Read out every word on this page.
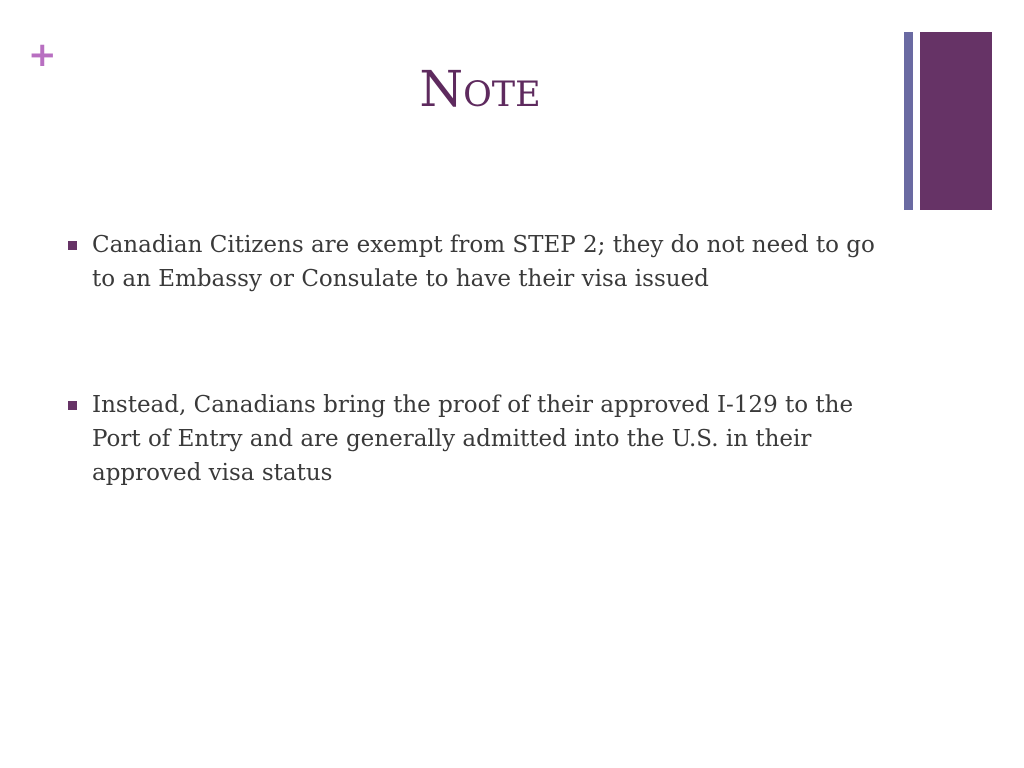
+
Note
Canadian Citizens are exempt from STEP 2; they do not need to go to an Embassy or Consulate to have their visa issued
Instead, Canadians bring the proof of their approved I-129 to the Port of Entry and are generally admitted into the U.S. in their approved visa status
